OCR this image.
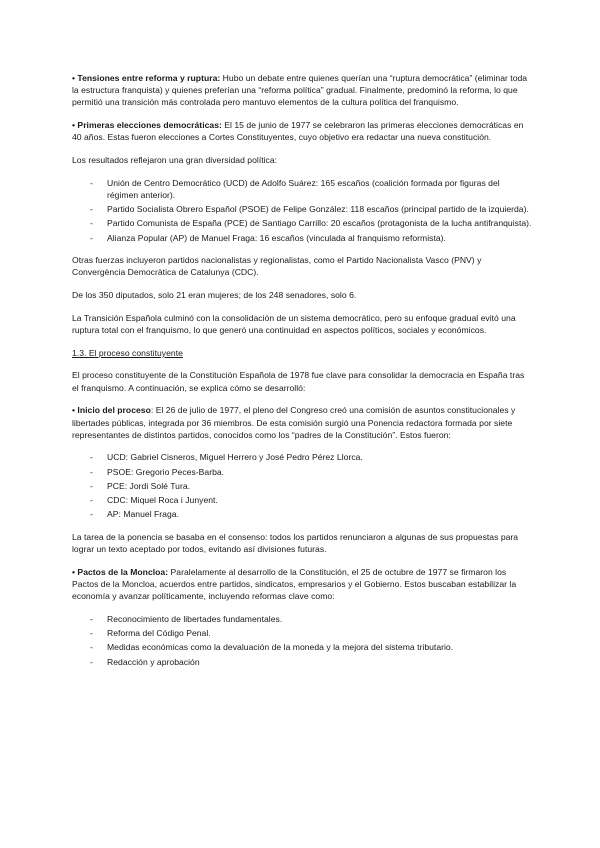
• Tensiones entre reforma y ruptura: Hubo un debate entre quienes querían una “ruptura democrática” (eliminar toda la estructura franquista) y quienes preferían una “reforma política” gradual. Finalmente, predominó la reforma, lo que permitió una transición más controlada pero mantuvo elementos de la cultura política del franquismo.

• Primeras elecciones democráticas: El 15 de junio de 1977 se celebraron las primeras elecciones democráticas en 40 años. Estas fueron elecciones a Cortes Constituyentes, cuyo objetivo era redactar una nueva constitución.

Los resultados reflejaron una gran diversidad política:

- Unión de Centro Democrático (UCD) de Adolfo Suárez: 165 escaños (coalición formada por figuras del régimen anterior).
- Partido Socialista Obrero Español (PSOE) de Felipe González: 118 escaños (principal partido de la izquierda).
- Partido Comunista de España (PCE) de Santiago Carrillo: 20 escaños (protagonista de la lucha antifranquista).
- Alianza Popular (AP) de Manuel Fraga: 16 escaños (vinculada al franquismo reformista).

Otras fuerzas incluyeron partidos nacionalistas y regionalistas, como el Partido Nacionalista Vasco (PNV) y Convergència Democràtica de Catalunya (CDC).

De los 350 diputados, solo 21 eran mujeres; de los 248 senadores, solo 6.

La Transición Española culminó con la consolidación de un sistema democrático, pero su enfoque gradual evitó una ruptura total con el franquismo, lo que generó una continuidad en aspectos políticos, sociales y económicos.

1.3. El proceso constituyente

El proceso constituyente de la Constitución Española de 1978 fue clave para consolidar la democracia en España tras el franquismo. A continuación, se explica cómo se desarrolló:

• Inicio del proceso: El 26 de julio de 1977, el pleno del Congreso creó una comisión de asuntos constitucionales y libertades públicas, integrada por 36 miembros. De esta comisión surgió una Ponencia redactora formada por siete representantes de distintos partidos, conocidos como los “padres de la Constitución”. Estos fueron:

- UCD: Gabriel Cisneros, Miguel Herrero y José Pedro Pérez Llorca.
- PSOE: Gregorio Peces-Barba.
- PCE: Jordi Solé Tura.
- CDC: Miquel Roca i Junyent.
- AP: Manuel Fraga.

La tarea de la ponencia se basaba en el consenso: todos los partidos renunciaron a algunas de sus propuestas para lograr un texto aceptado por todos, evitando así divisiones futuras.

• Pactos de la Moncloa: Paralelamente al desarrollo de la Constitución, el 25 de octubre de 1977 se firmaron los Pactos de la Moncloa, acuerdos entre partidos, sindicatos, empresarios y el Gobierno. Estos buscaban estabilizar la economía y avanzar políticamente, incluyendo reformas clave como:

- Reconocimiento de libertades fundamentales.
- Reforma del Código Penal.
- Medidas económicas como la devaluación de la moneda y la mejora del sistema tributario.
- Redacción y aprobación
